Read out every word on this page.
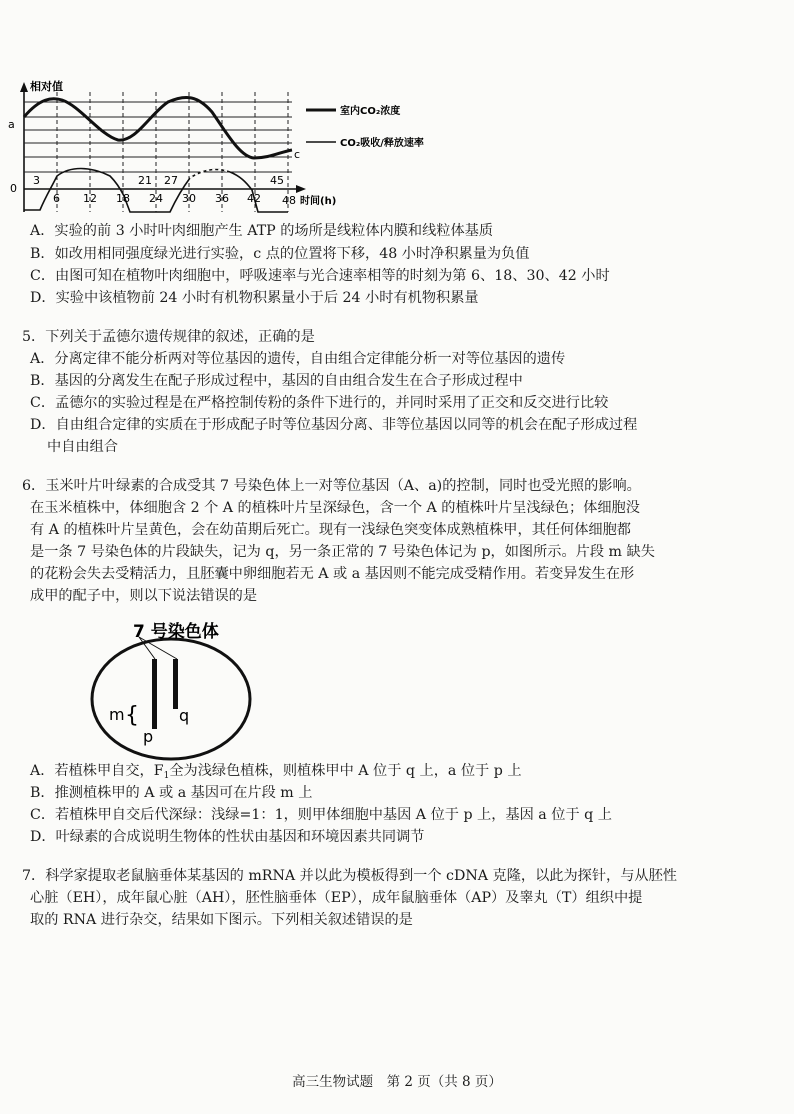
相对值
a
0
3	21 27	45
6 12 18 24 30 36 42 48
c
时间(h)
室内CO₂浓度
CO₂吸收/释放速率
A．实验的前 3 小时叶肉细胞产生 ATP 的场所是线粒体内膜和线粒体基质
B．如改用相同强度绿光进行实验，c 点的位置将下移，48 小时净积累量为负值
C．由图可知在植物叶肉细胞中，呼吸速率与光合速率相等的时刻为第 6、18、30、42 小时
D．实验中该植物前 24 小时有机物积累量小于后 24 小时有机物积累量
5．下列关于孟德尔遗传规律的叙述，正确的是
A．分离定律不能分析两对等位基因的遗传，自由组合定律能分析一对等位基因的遗传
B．基因的分离发生在配子形成过程中，基因的自由组合发生在合子形成过程中
C．孟德尔的实验过程是在严格控制传粉的条件下进行的，并同时采用了正交和反交进行比较
D．自由组合定律的实质在于形成配子时等位基因分离、非等位基因以同等的机会在配子形成过程
中自由组合
6．玉米叶片叶绿素的合成受其 7 号染色体上一对等位基因（A、a)的控制，同时也受光照的影响。
在玉米植株中，体细胞含 2 个 A 的植株叶片呈深绿色，含一个 A 的植株叶片呈浅绿色；体细胞没
有 A 的植株叶片呈黄色，会在幼苗期后死亡。现有一浅绿色突变体成熟植株甲，其任何体细胞都
是一条 7 号染色体的片段缺失，记为 q，另一条正常的 7 号染色体记为 p，如图所示。片段 m 缺失
的花粉会失去受精活力，且胚囊中卵细胞若无 A 或 a 基因则不能完成受精作用。若变异发生在形
成甲的配子中，则以下说法错误的是
7 号染色体
m {	q
p
A．若植株甲自交，$F_1$全为浅绿色植株，则植株甲中 A 位于 q 上，a 位于 p 上
B．推测植株甲的 A 或 a 基因可在片段 m 上
C．若植株甲自交后代深绿：浅绿=1：1，则甲体细胞中基因 A 位于 p 上，基因 a 位于 q 上
D．叶绿素的合成说明生物体的性状由基因和环境因素共同调节
7．科学家提取老鼠脑垂体某基因的 mRNA 并以此为模板得到一个 cDNA 克隆，以此为探针，与从胚性
心脏（EH），成年鼠心脏（AH），胚性脑垂体（EP），成年鼠脑垂体（AP）及睾丸（T）组织中提
取的 RNA 进行杂交，结果如下图示。下列相关叙述错误的是
高三生物试题　第 2 页（共 8 页）
